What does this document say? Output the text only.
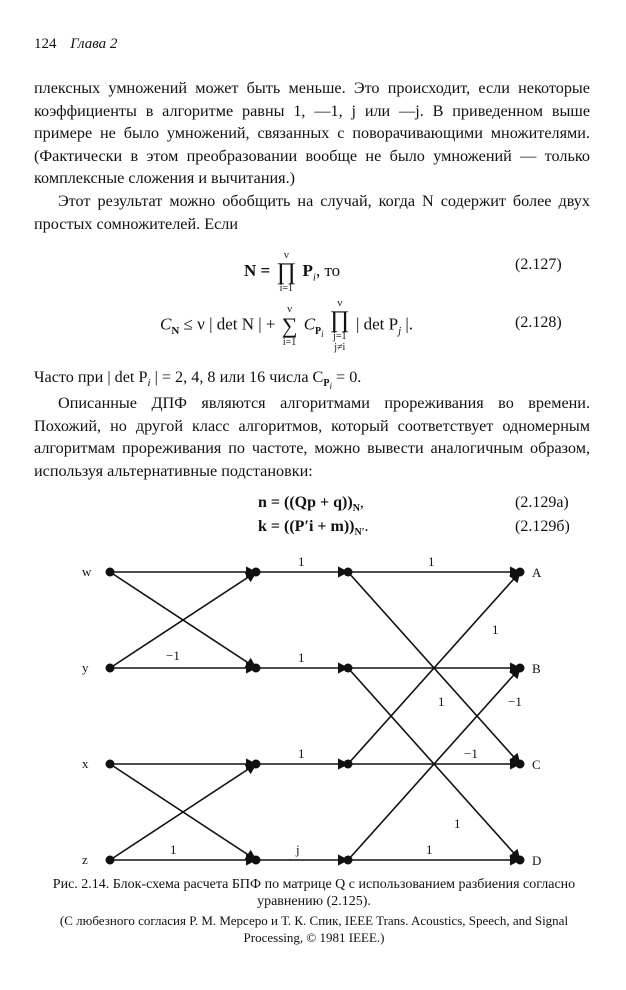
124 Глава 2
плексных умножений может быть меньше. Это происходит, если некоторые коэффициенты в алгоритме равны 1, —1, j или —j. В приведенном выше примере не было умножений, связанных с поворачивающими множителями. (Фактически в этом преобразовании вообще не было умножений — только комплексные сложения и вычитания.)
Этот результат можно обобщить на случай, когда N содержит более двух простых сомножителей. Если
N =
ν
∏
i=1
$P_i$, то	(2.127)
$C_N \le \nu$ | det N | +
ν
∑
i=1
$C_{P_i}$
ν
∏
j=1
j≠i
| $\det P_j$ |.	(2.128)
Часто при | $\det P_i$ | = 2, 4, 8 или 16 числа $C_{P_i} = 0$.
Описанные ДПФ являются алгоритмами прореживания во времени. Похожий, но другой класс алгоритмов, который соответствует одномерным алгоритмам прореживания по частоте, можно вывести аналогичным образом, используя альтернативные подстановки:
$n = ((Qp + q))_N$,	(2.129а)
$k = ((P'i + m))_{N'}$.	(2.129б)
w
y
x
z
A
B
C
D
1	1
−1	1
1
−1
1
1	−1
j
1	1
1
Рис. 2.14. Блок-схема расчета БПФ по матрице Q с использованием разбиения согласно уравнению (2.125).
(С любезного согласия Р. М. Мерсеро и Т. К. Спик, IEEE Trans. Acoustics, Speech, and Signal Processing, © 1981 IEEE.)
